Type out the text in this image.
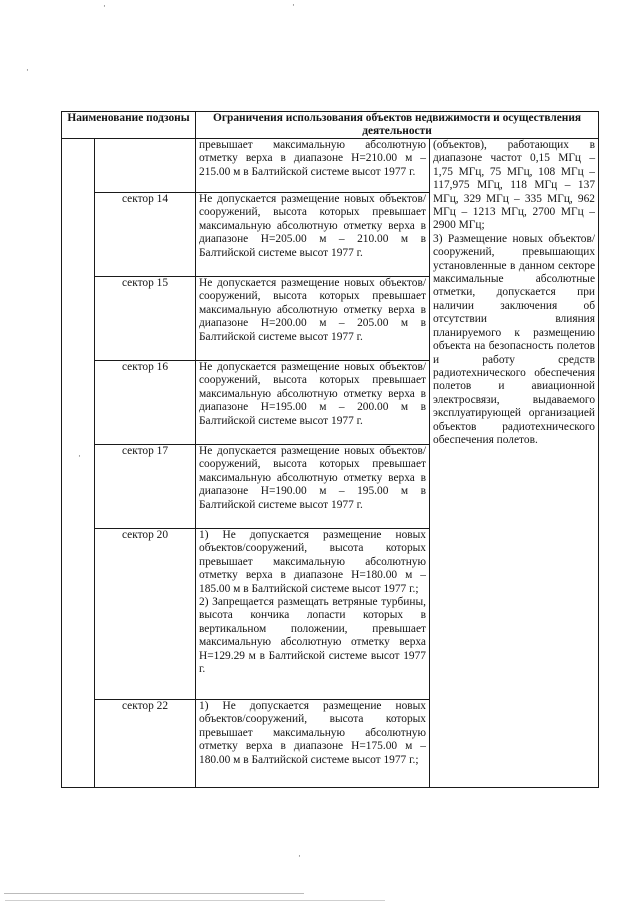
·	·
·
·
·
Наименование подзоны		Ограничения использования объектов недвижимости и осуществления деятельности	
		превышает максимальную абсолютную отметку верха в диапазоне Н=210.00 м – 215.00 м в Балтийской системе высот 1977 г.	(объектов), работающих в диапазоне частот 0,15 МГц – 1,75 МГц, 75 МГц, 108 МГц – 117,975 МГц, 118 МГц – 137 МГц, 329 МГц – 335 МГц, 962 МГц – 1213 МГц, 2700 МГц – 2900 МГц;
3) Размещение новых объектов/сооружений, превышающих установленные в данном секторе максимальные абсолютные отметки, допускается при наличии заключения об отсутствии влияния планируемого к размещению объекта на безопасность полетов и работу средств радиотехнического обеспечения полетов и авиационной электросвязи, выдаваемого эксплуатирующей организацией объектов радиотехнического обеспечения полетов.

	сектор 14	Не допускается размещение новых объектов/сооружений, высота которых превышает максимальную абсолютную отметку верха в диапазоне Н=205.00 м – 210.00 м в Балтийской системе высот 1977 г.	
	сектор 15	Не допускается размещение новых объектов/сооружений, высота которых превышает максимальную абсолютную отметку верха в диапазоне Н=200.00 м – 205.00 м в Балтийской системе высот 1977 г.	
	сектор 16	Не допускается размещение новых объектов/сооружений, высота которых превышает максимальную абсолютную отметку верха в диапазоне Н=195.00 м – 200.00 м в Балтийской системе высот 1977 г.	
	сектор 17	Не допускается размещение новых объектов/сооружений, высота которых превышает максимальную абсолютную отметку верха в диапазоне Н=190.00 м – 195.00 м в Балтийской системе высот 1977 г.	
	сектор 20	1) Не допускается размещение новых объектов/сооружений, высота которых превышает максимальную абсолютную отметку верха в диапазоне Н=180.00 м – 185.00 м в Балтийской системе высот 1977 г.;
2) Запрещается размещать ветряные турбины, высота кончика лопасти которых в вертикальном положении, превышает максимальную абсолютную отметку верха Н=129.29 м в Балтийской системе высот 1977 г.	

	сектор 22	1) Не допускается размещение новых объектов/сооружений, высота которых превышает максимальную абсолютную отметку верха в диапазоне Н=175.00 м – 180.00 м в Балтийской системе высот 1977 г.;	
